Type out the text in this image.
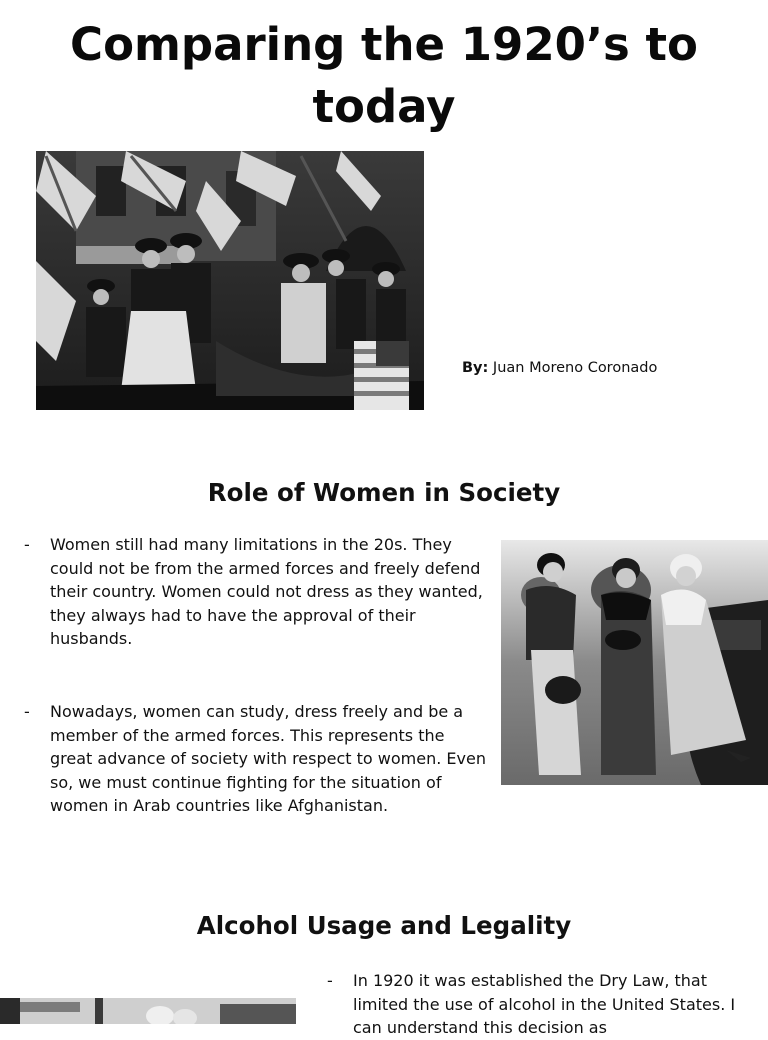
Comparing the 1920’s to today
By: Juan Moreno Coronado
Role of Women in Society
- Women still had many limitations in the 20s. They could not be from the armed forces and freely defend their country. Women could not dress as they wanted, they always had to have the approval of their husbands.
- Nowadays, women can study, dress freely and be a member of the armed forces. This represents the great advance of society with respect to women. Even so, we must continue fighting for the situation of women in Arab countries like Afghanistan.
Alcohol Usage and Legality
- In 1920 it was established the Dry Law, that limited the use of alcohol in the United States. I can understand this decision as
